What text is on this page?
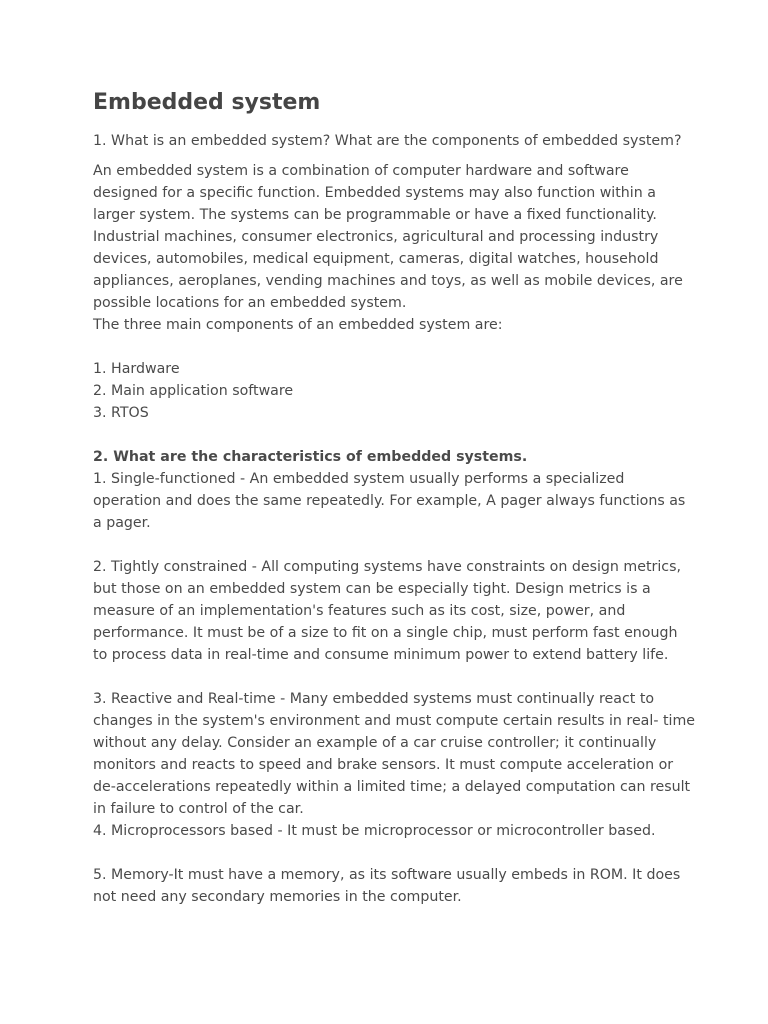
Embedded system

1. What is an embedded system? What are the components of embedded system?

An embedded system is a combination of computer hardware and software
designed for a specific function. Embedded systems may also function within a
larger system. The systems can be programmable or have a fixed functionality.
Industrial machines, consumer electronics, agricultural and processing industry
devices, automobiles, medical equipment, cameras, digital watches, household
appliances, aeroplanes, vending machines and toys, as well as mobile devices, are
possible locations for an embedded system.
The three main components of an embedded system are:
1. Hardware
2. Main application software
3. RTOS
2. What are the characteristics of embedded systems.
1. Single-functioned - An embedded system usually performs a specialized
operation and does the same repeatedly. For example, A pager always functions as
a pager.
2. Tightly constrained - All computing systems have constraints on design metrics,
but those on an embedded system can be especially tight. Design metrics is a
measure of an implementation's features such as its cost, size, power, and
performance. It must be of a size to fit on a single chip, must perform fast enough
to process data in real-time and consume minimum power to extend battery life.
3. Reactive and Real-time - Many embedded systems must continually react to
changes in the system's environment and must compute certain results in real- time
without any delay. Consider an example of a car cruise controller; it continually
monitors and reacts to speed and brake sensors. It must compute acceleration or
de-accelerations repeatedly within a limited time; a delayed computation can result
in failure to control of the car.
4. Microprocessors based - It must be microprocessor or microcontroller based.
5. Memory-It must have a memory, as its software usually embeds in ROM. It does
not need any secondary memories in the computer.
